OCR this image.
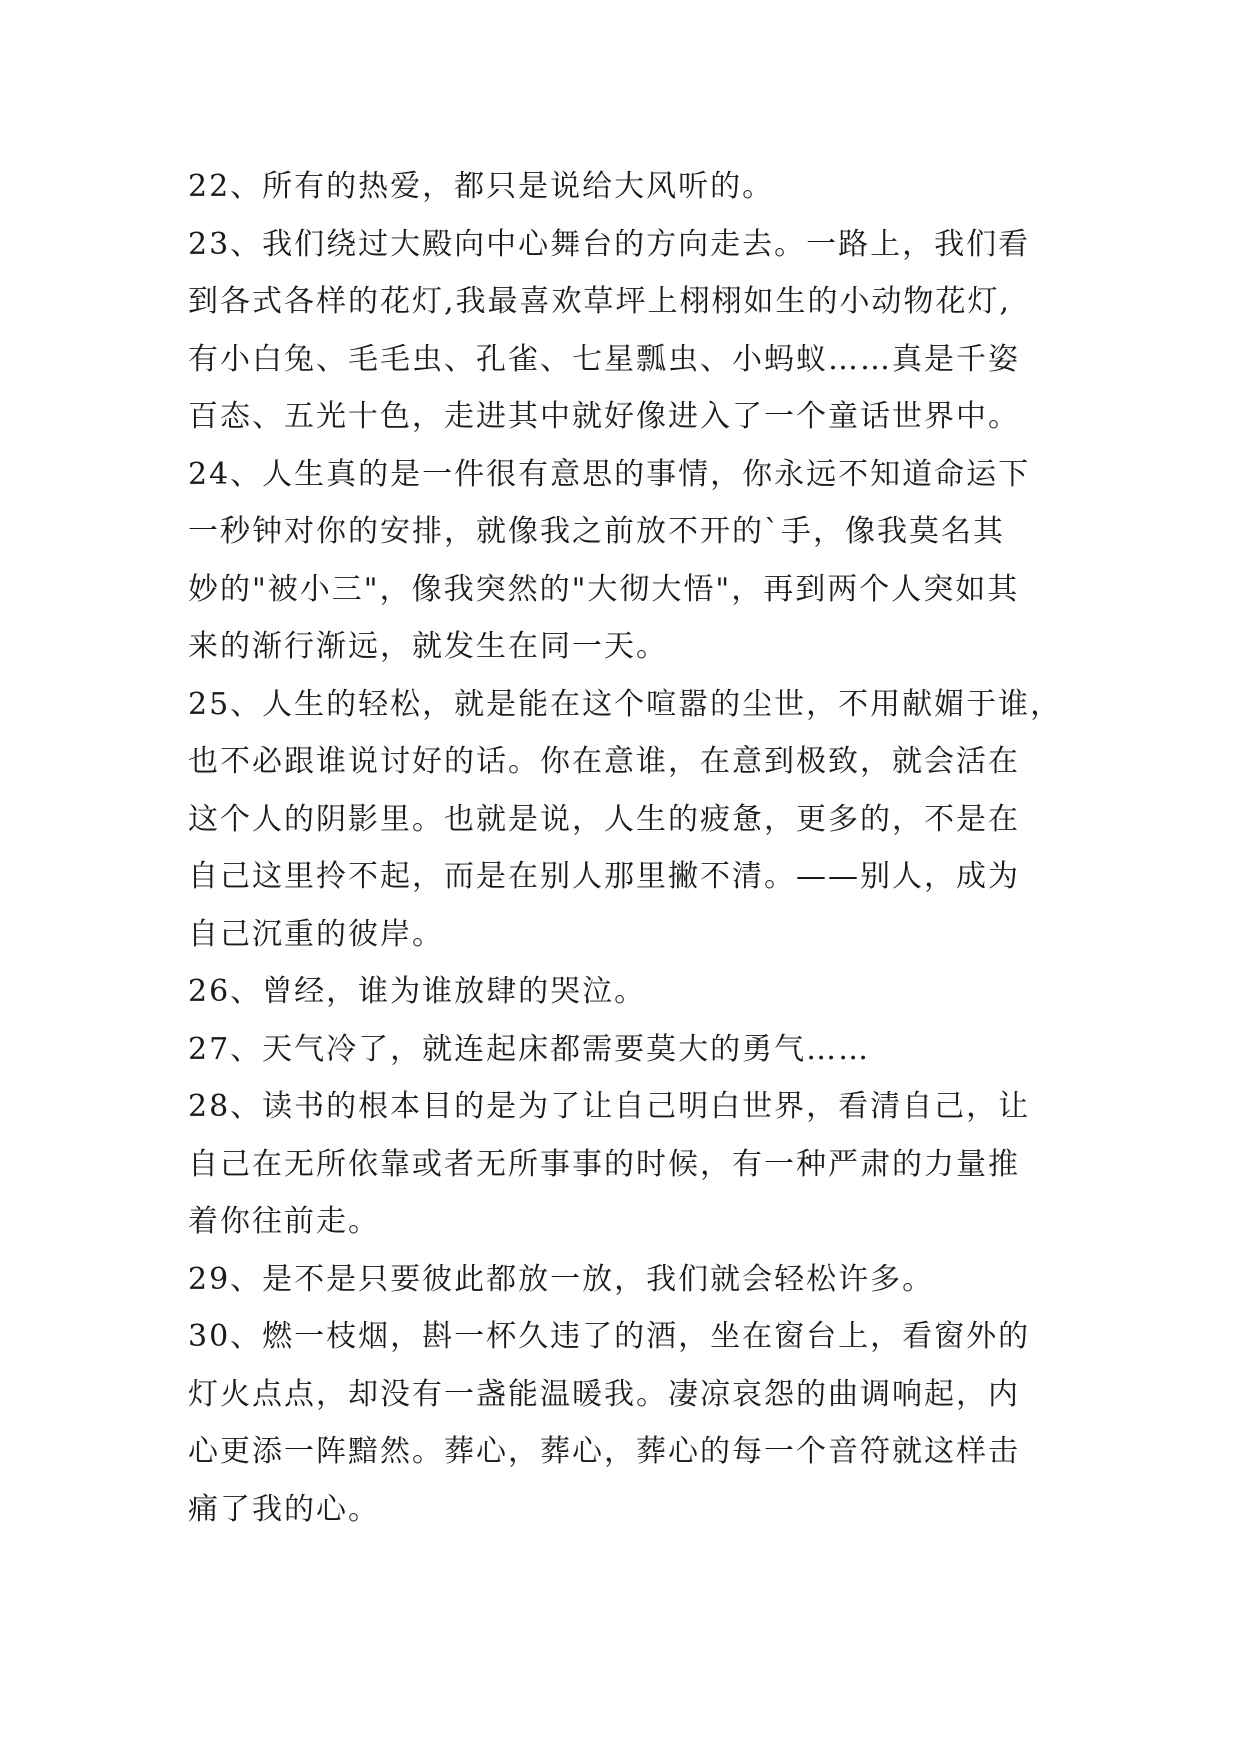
22、所有的热爱，都只是说给大风听的。
23、我们绕过大殿向中心舞台的方向走去。一路上，我们看
到各式各样的花灯,我最喜欢草坪上栩栩如生的小动物花灯,
有小白兔、毛毛虫、孔雀、七星瓢虫、小蚂蚁……真是千姿
百态、五光十色，走进其中就好像进入了一个童话世界中。
24、人生真的是一件很有意思的事情，你永远不知道命运下
一秒钟对你的安排，就像我之前放不开的`手，像我莫名其
妙的"被小三"，像我突然的"大彻大悟"，再到两个人突如其
来的渐行渐远，就发生在同一天。
25、人生的轻松，就是能在这个喧嚣的尘世，不用献媚于谁，
也不必跟谁说讨好的话。你在意谁，在意到极致，就会活在
这个人的阴影里。也就是说，人生的疲惫，更多的，不是在
自己这里拎不起，而是在别人那里撇不清。——别人，成为
自己沉重的彼岸。
26、曾经，谁为谁放肆的哭泣。
27、天气冷了，就连起床都需要莫大的勇气……
28、读书的根本目的是为了让自己明白世界，看清自己，让
自己在无所依靠或者无所事事的时候，有一种严肃的力量推
着你往前走。
29、是不是只要彼此都放一放，我们就会轻松许多。
30、燃一枝烟，斟一杯久违了的酒，坐在窗台上，看窗外的
灯火点点，却没有一盏能温暖我。凄凉哀怨的曲调响起，内
心更添一阵黯然。葬心，葬心，葬心的每一个音符就这样击
痛了我的心。
